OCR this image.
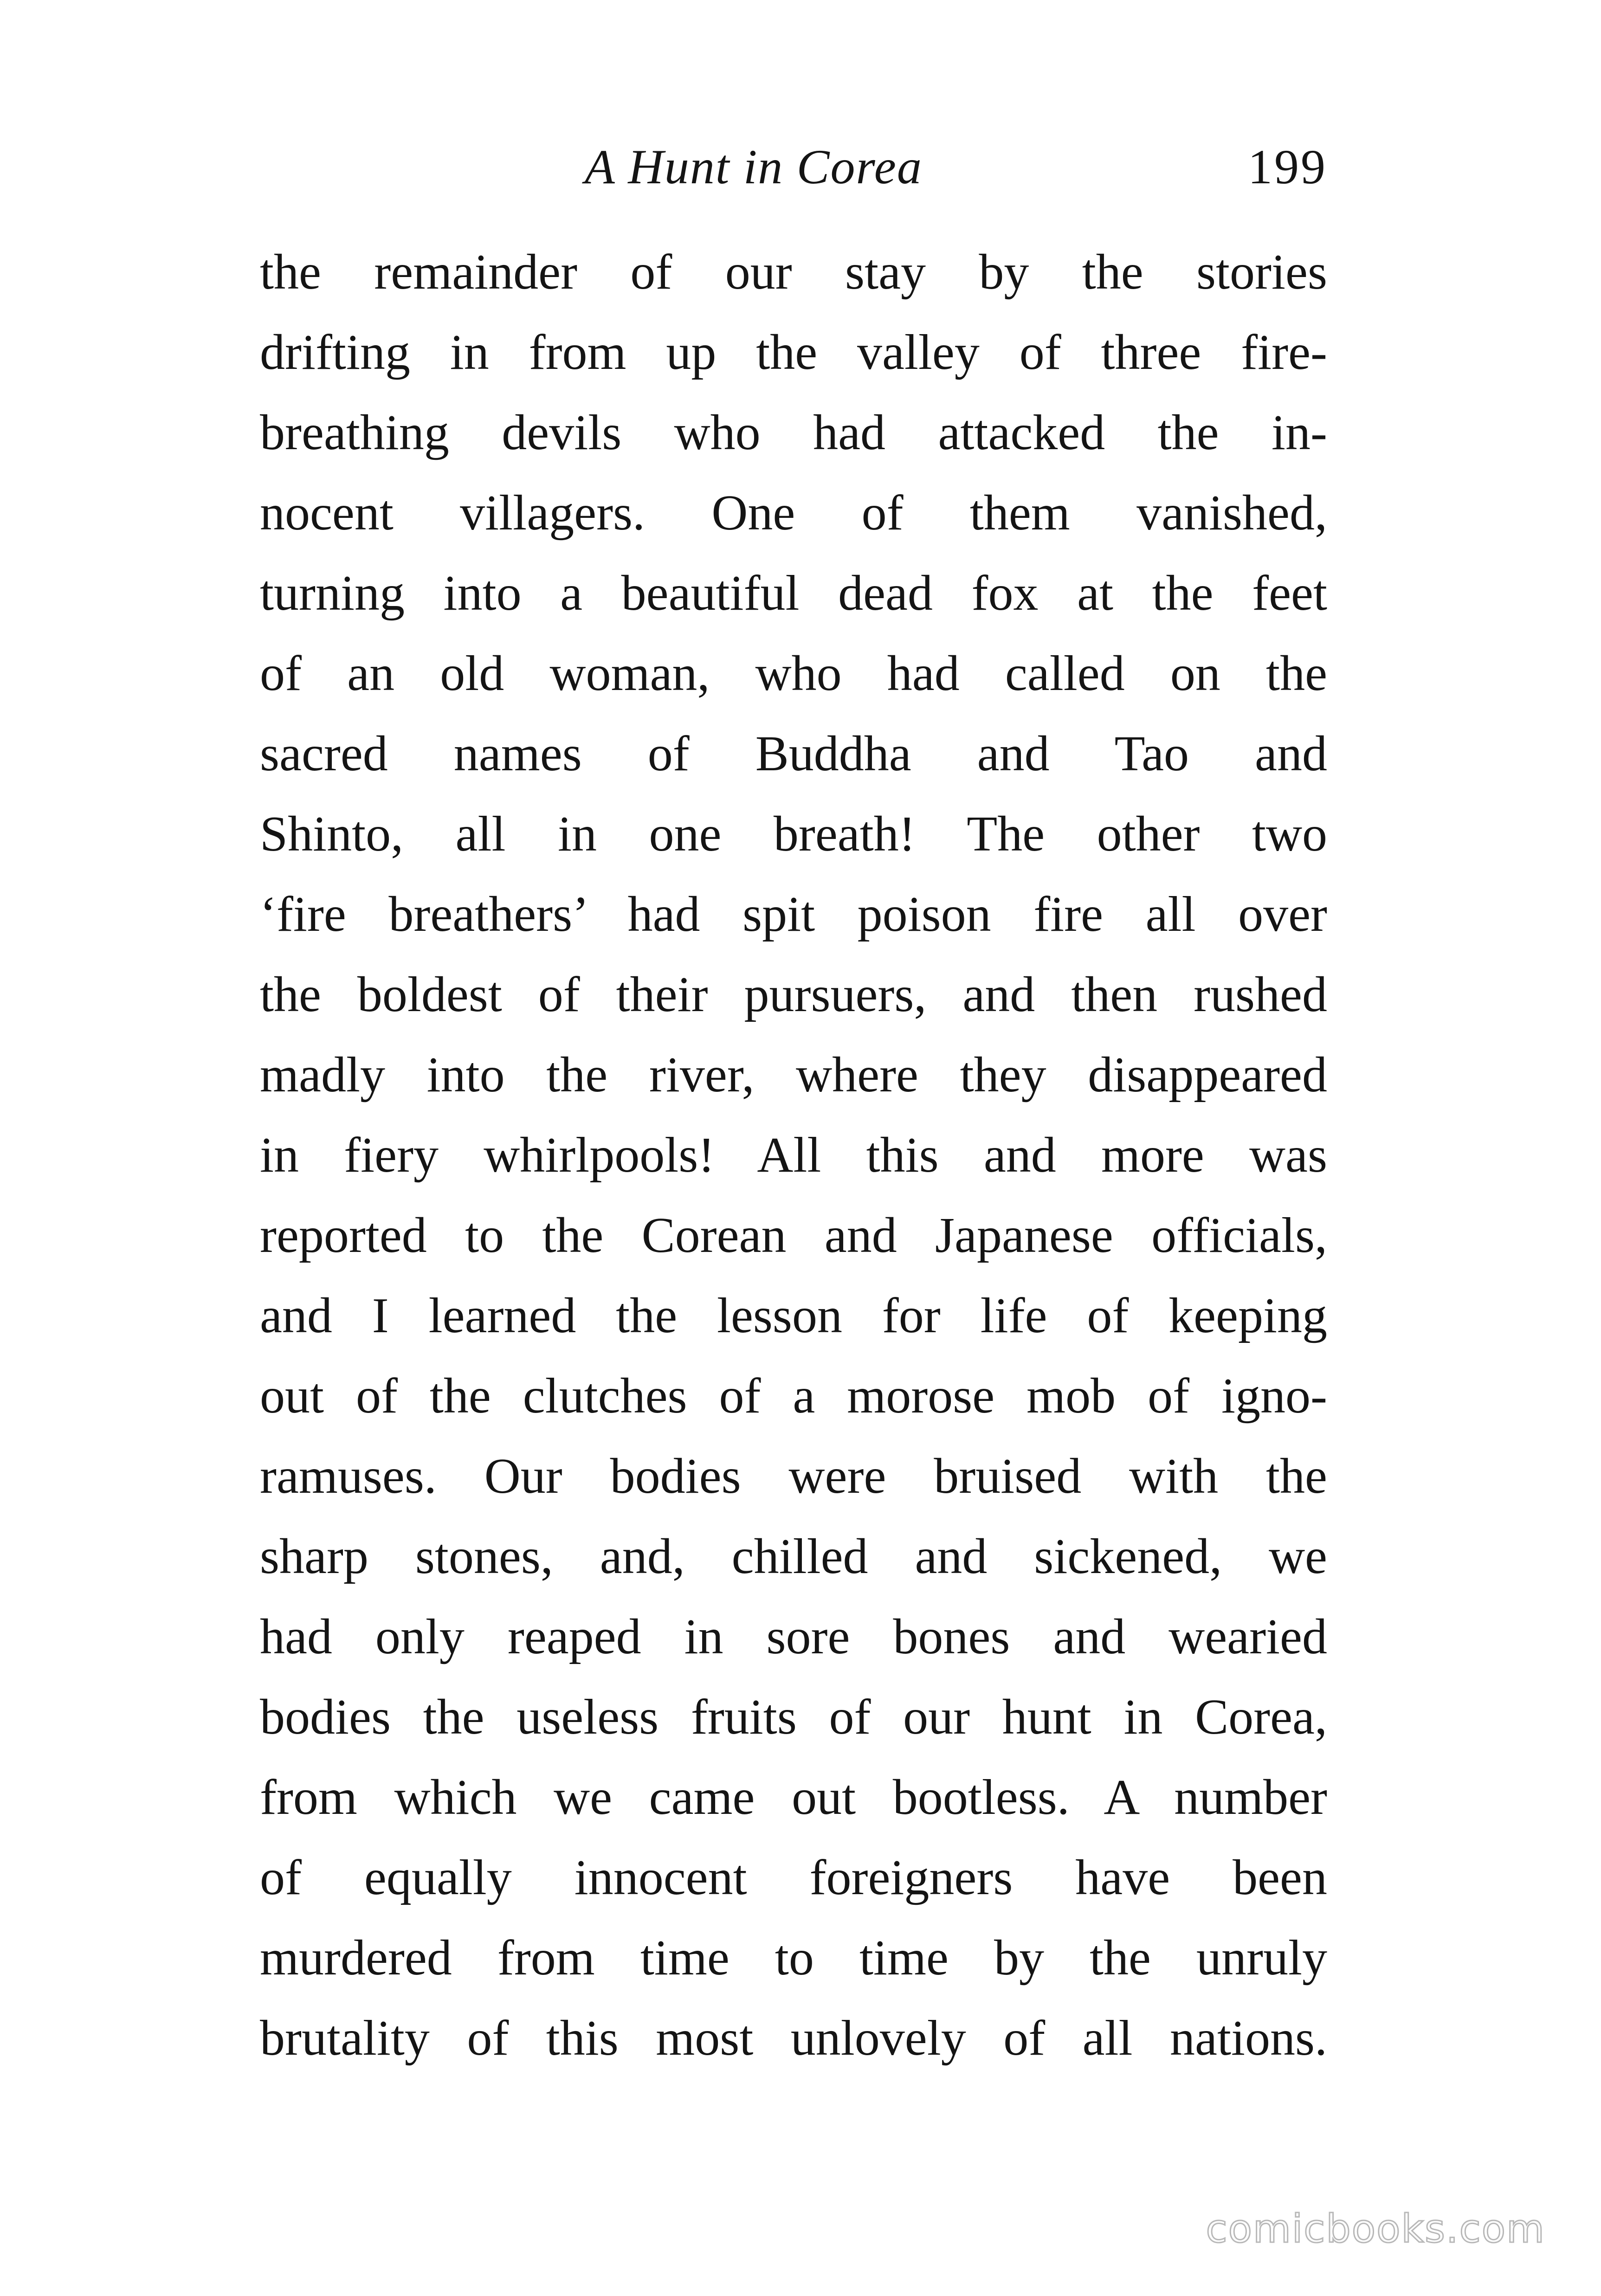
A Hunt in Corea	199
the remainder of our stay by the stories
drifting in from up the valley of three fire-
breathing devils who had attacked the in-
nocent villagers. One of them vanished,
turning into a beautiful dead fox at the feet
of an old woman, who had called on the
sacred names of Buddha and Tao and
Shinto, all in one breath! The other two
‘fire breathers’ had spit poison fire all over
the boldest of their pursuers, and then rushed
madly into the river, where they disappeared
in fiery whirlpools! All this and more was
reported to the Corean and Japanese officials,
and I learned the lesson for life of keeping
out of the clutches of a morose mob of igno-
ramuses. Our bodies were bruised with the
sharp stones, and, chilled and sickened, we
had only reaped in sore bones and wearied
bodies the useless fruits of our hunt in Corea,
from which we came out bootless. A number
of equally innocent foreigners have been
murdered from time to time by the unruly
brutality of this most unlovely of all nations.
comicbooks.com
